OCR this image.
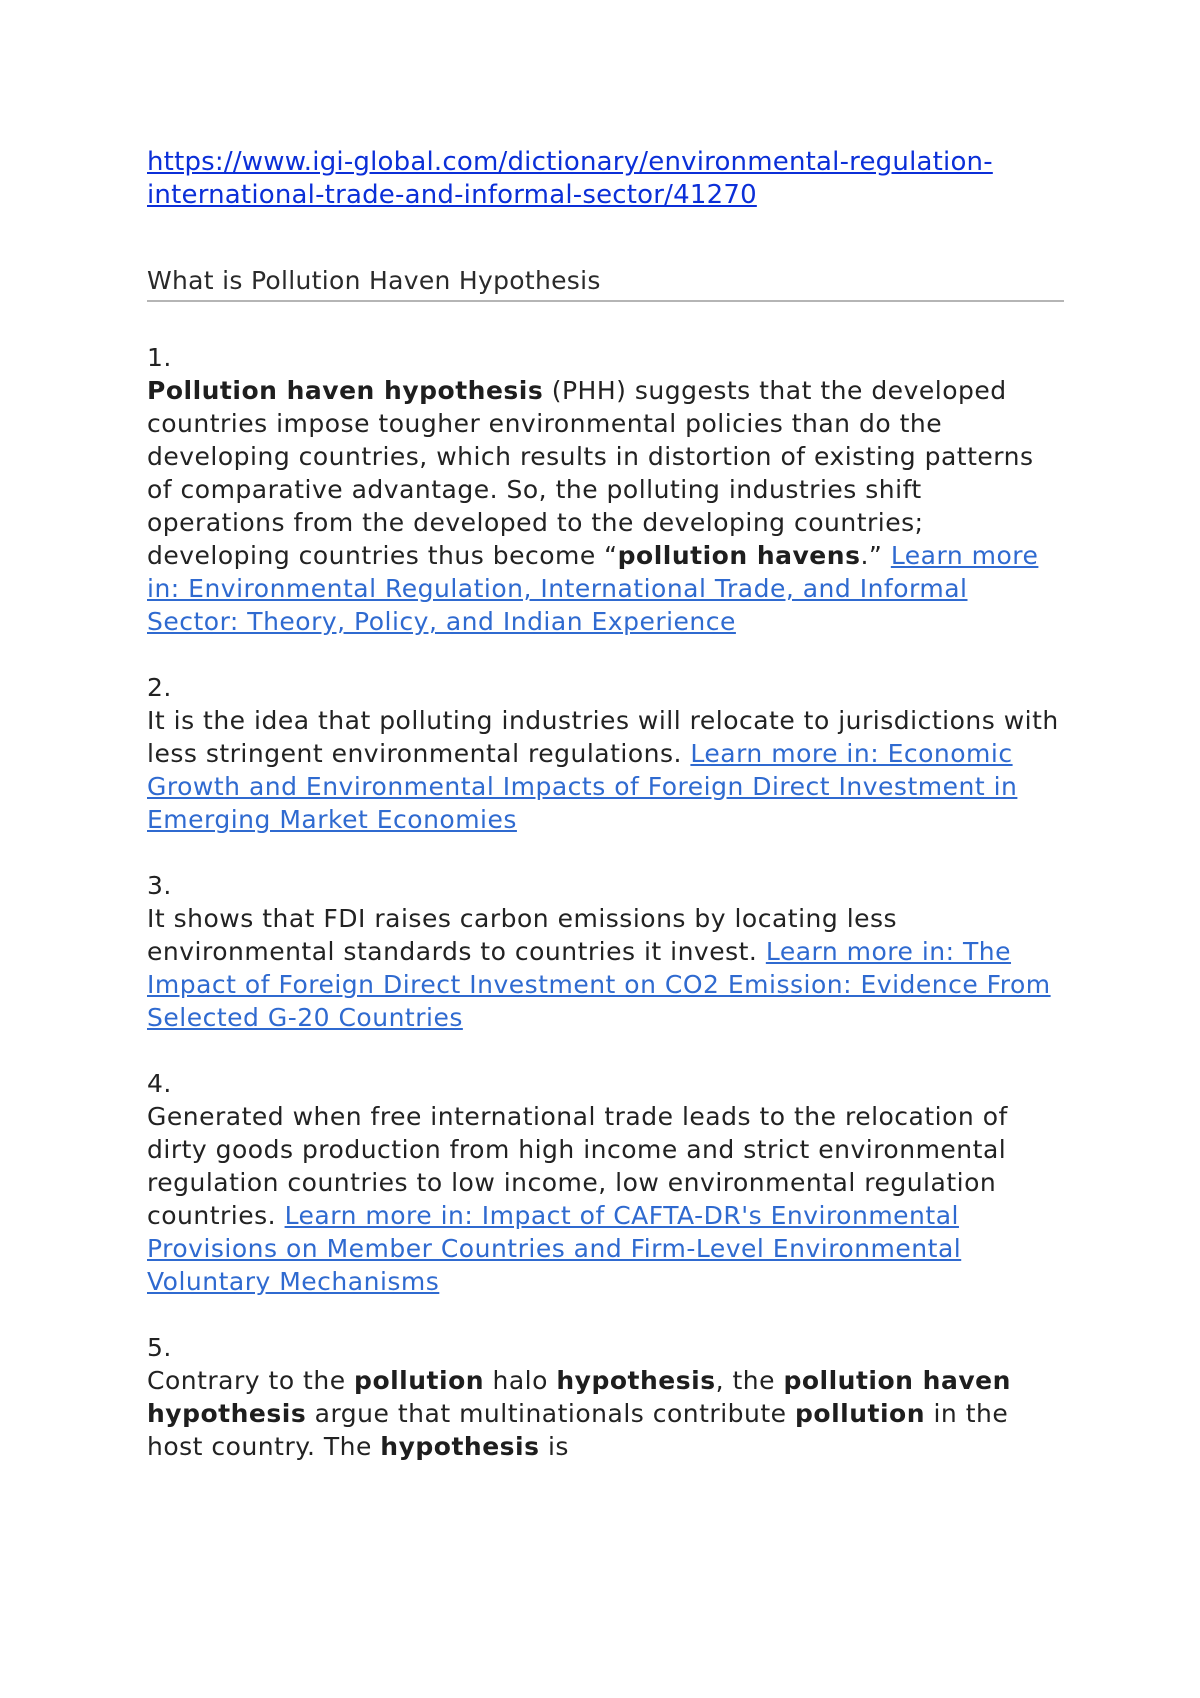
https://www.igi-global.com/dictionary/environmental-regulation-international-trade-and-informal-sector/41270
What is Pollution Haven Hypothesis
1.
Pollution haven hypothesis (PHH) suggests that the developed countries impose tougher environmental policies than do the developing countries, which results in distortion of existing patterns of comparative advantage. So, the polluting industries shift operations from the developed to the developing countries; developing countries thus become “pollution havens.” Learn more in: Environmental Regulation, International Trade, and Informal Sector: Theory, Policy, and Indian Experience
2.
It is the idea that polluting industries will relocate to jurisdictions with less stringent environmental regulations. Learn more in: Economic Growth and Environmental Impacts of Foreign Direct Investment in Emerging Market Economies
3.
It shows that FDI raises carbon emissions by locating less environmental standards to countries it invest. Learn more in: The Impact of Foreign Direct Investment on CO2 Emission: Evidence From Selected G-20 Countries
4.
Generated when free international trade leads to the relocation of dirty goods production from high income and strict environmental regulation countries to low income, low environmental regulation countries. Learn more in: Impact of CAFTA-DR's Environmental Provisions on Member Countries and Firm-Level Environmental Voluntary Mechanisms
5.
Contrary to the pollution halo hypothesis, the pollution haven hypothesis argue that multinationals contribute pollution in the host country. The hypothesis is
